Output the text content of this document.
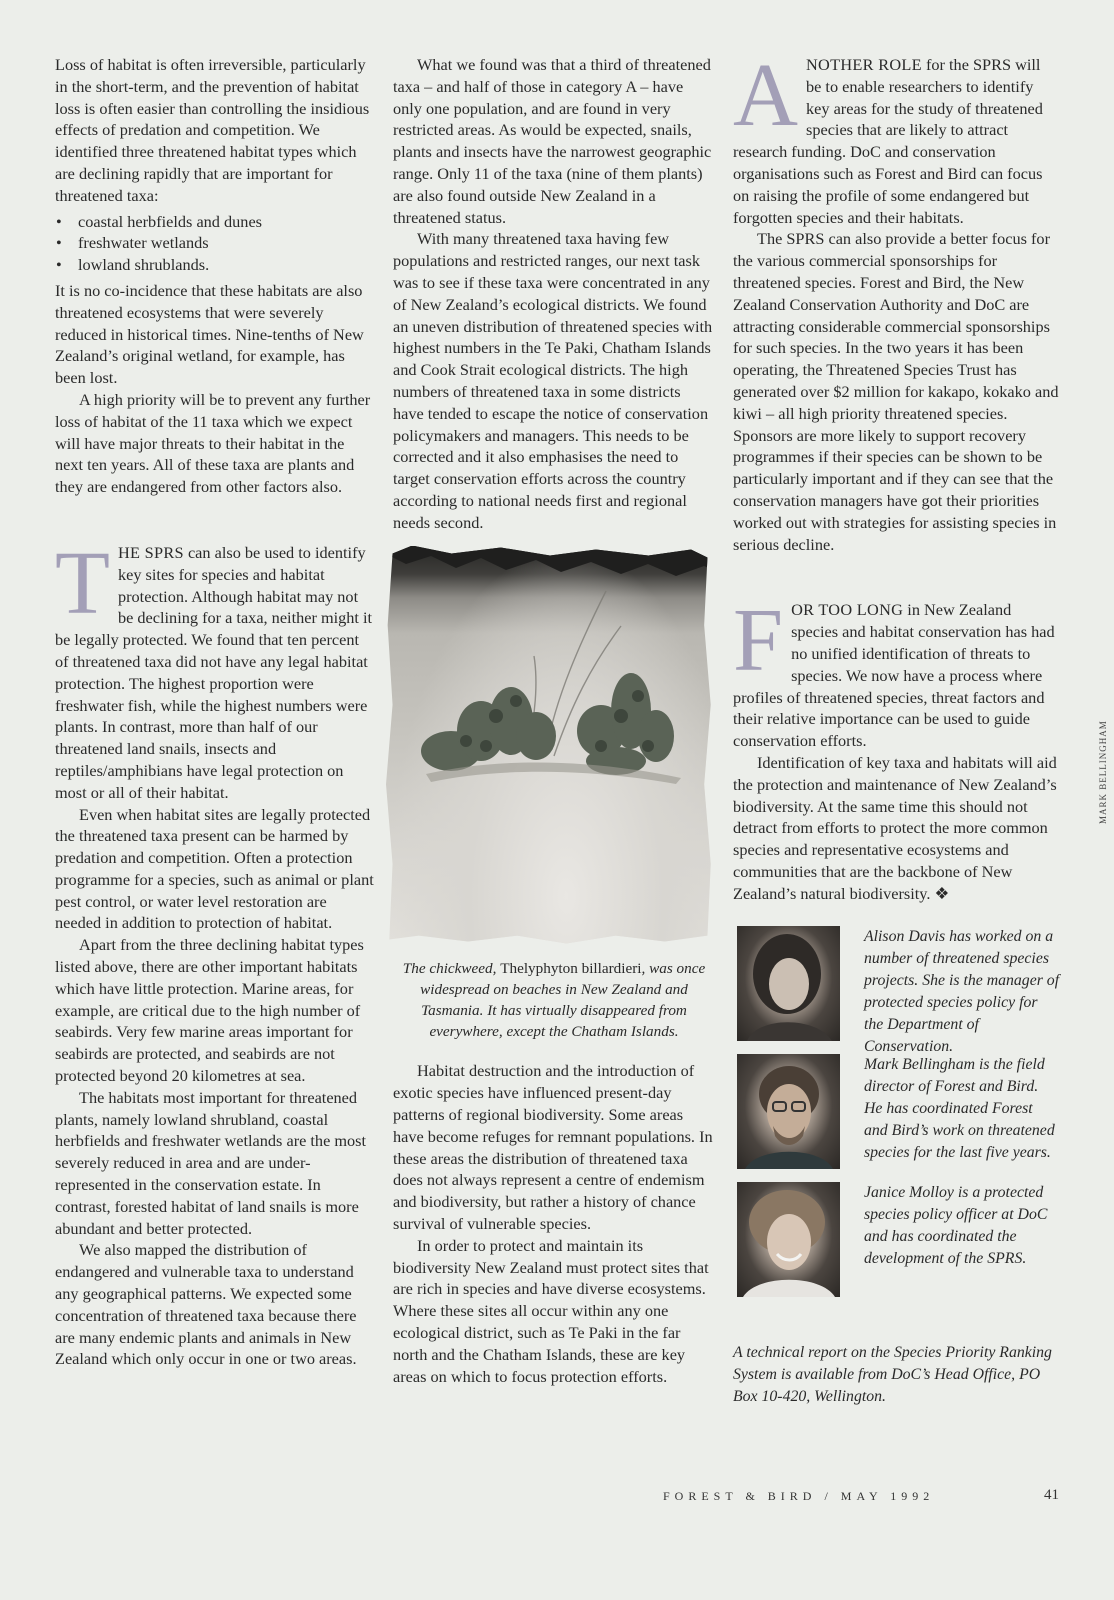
Loss of habitat is often irreversible, particularly in the short-term, and the prevention of habitat loss is often easier than controlling the insidious effects of predation and competition. We identified three threatened habitat types which are declining rapidly that are important for threatened taxa:

• coastal herbfields and dunes
• freshwater wetlands
• lowland shrublands.

It is no co-incidence that these habitats are also threatened ecosystems that were severely reduced in historical times. Nine-tenths of New Zealand’s original wetland, for example, has been lost.

A high priority will be to prevent any further loss of habitat of the 11 taxa which we expect will have major threats to their habitat in the next ten years. All of these taxa are plants and they are endangered from other factors also.

THE SPRS can also be used to identify key sites for species and habitat protection. Although habitat may not be declining for a taxa, neither might it be legally protected. We found that ten percent of threatened taxa did not have any legal habitat protection. The highest proportion were freshwater fish, while the highest numbers were plants. In contrast, more than half of our threatened land snails, insects and reptiles/amphibians have legal protection on most or all of their habitat.

Even when habitat sites are legally protected the threatened taxa present can be harmed by predation and competition. Often a protection programme for a species, such as animal or plant pest control, or water level restoration are needed in addition to protection of habitat.

Apart from the three declining habitat types listed above, there are other important habitats which have little protection. Marine areas, for example, are critical due to the high number of seabirds. Very few marine areas important for seabirds are protected, and seabirds are not protected beyond 20 kilometres at sea.

The habitats most important for threatened plants, namely lowland shrubland, coastal herbfields and freshwater wetlands are the most severely reduced in area and are under-represented in the conservation estate. In contrast, forested habitat of land snails is more abundant and better protected.

We also mapped the distribution of endangered and vulnerable taxa to understand any geographical patterns. We expected some concentration of threatened taxa because there are many endemic plants and animals in New Zealand which only occur in one or two areas.

What we found was that a third of threatened taxa – and half of those in category A – have only one population, and are found in very restricted areas. As would be expected, snails, plants and insects have the narrowest geographic range. Only 11 of the taxa (nine of them plants) are also found outside New Zealand in a threatened status.

With many threatened taxa having few populations and restricted ranges, our next task was to see if these taxa were concentrated in any of New Zealand’s ecological districts. We found an uneven distribution of threatened species with highest numbers in the Te Paki, Chatham Islands and Cook Strait ecological districts. The high numbers of threatened taxa in some districts have tended to escape the notice of conservation policymakers and managers. This needs to be corrected and it also emphasises the need to target conservation efforts across the country according to national needs first and regional needs second.

MARK BELLINGHAM

The chickweed, Thelyphyton billardieri, was once widespread on beaches in New Zealand and Tasmania. It has virtually disappeared from everywhere, except the Chatham Islands.

Habitat destruction and the introduction of exotic species have influenced present-day patterns of regional biodiversity. Some areas have become refuges for remnant populations. In these areas the distribution of threatened taxa does not always represent a centre of endemism and biodiversity, but rather a history of chance survival of vulnerable species.

In order to protect and maintain its biodiversity New Zealand must protect sites that are rich in species and have diverse ecosystems. Where these sites all occur within any one ecological district, such as Te Paki in the far north and the Chatham Islands, these are key areas on which to focus protection efforts.

ANOTHER ROLE for the SPRS will be to enable researchers to identify key areas for the study of threatened species that are likely to attract research funding. DoC and conservation organisations such as Forest and Bird can focus on raising the profile of some endangered but forgotten species and their habitats.

The SPRS can also provide a better focus for the various commercial sponsorships for threatened species. Forest and Bird, the New Zealand Conservation Authority and DoC are attracting considerable commercial sponsorships for such species. In the two years it has been operating, the Threatened Species Trust has generated over $2 million for kakapo, kokako and kiwi – all high priority threatened species. Sponsors are more likely to support recovery programmes if their species can be shown to be particularly important and if they can see that the conservation managers have got their priorities worked out with strategies for assisting species in serious decline.

FOR TOO LONG in New Zealand species and habitat conservation has had no unified identification of threats to species. We now have a process where profiles of threatened species, threat factors and their relative importance can be used to guide conservation efforts.

Identification of key taxa and habitats will aid the protection and maintenance of New Zealand’s biodiversity. At the same time this should not detract from efforts to protect the more common species and representative ecosystems and communities that are the backbone of New Zealand’s natural biodiversity. ❖

Alison Davis has worked on a number of threatened species projects. She is the manager of protected species policy for the Department of Conservation.

Mark Bellingham is the field director of Forest and Bird. He has coordinated Forest and Bird’s work on threatened species for the last five years.

Janice Molloy is a protected species policy officer at DoC and has coordinated the development of the SPRS.

A technical report on the Species Priority Ranking System is available from DoC’s Head Office, PO Box 10-420, Wellington.

FOREST & BIRD / MAY 1992	41
